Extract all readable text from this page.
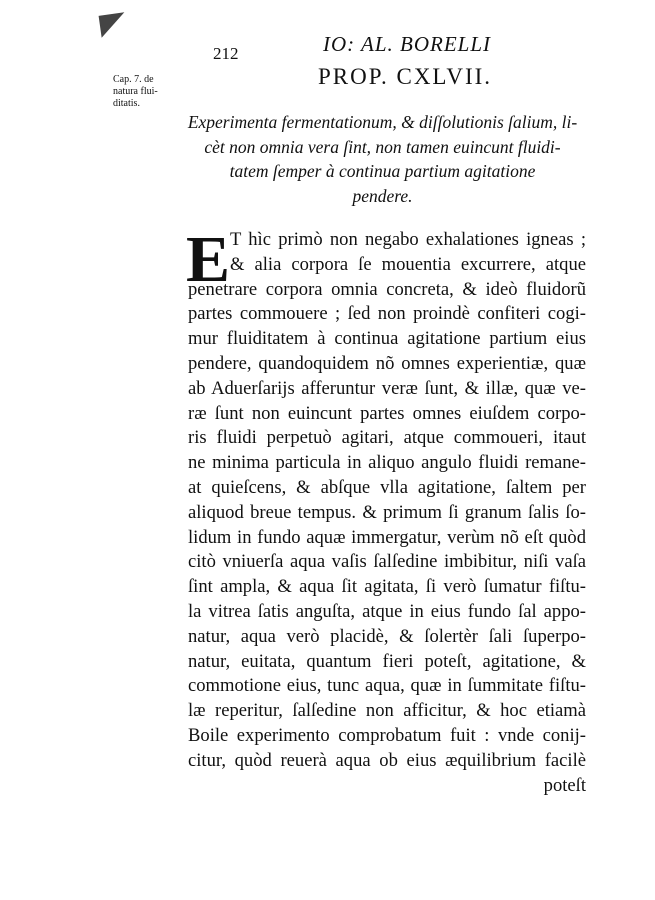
212	IO: AL. BORELLI
PROP. CXLVII.
Cap. 7. de
natura flui-
ditatis.
Experimenta fermentationum, & diſſolutionis ſalium, li-
cèt non omnia vera ſint, non tamen euincunt fluidi-
tatem ſemper à continua partium agitatione
pendere.
E T hìc primò non negabo exhalationes igneas ;
& alia corpora ſe mouentia excurrere, atque
penetrare corpora omnia concreta, & ideò fluidorũ
partes commouere ; ſed non proindè confiteri cogi-
mur fluiditatem à continua agitatione partium eius
pendere, quandoquidem nõ omnes experientiæ, quæ
ab Aduerſarijs afferuntur veræ ſunt, & illæ, quæ ve-
ræ ſunt non euincunt partes omnes eiuſdem corpo-
ris fluidi perpetuò agitari, atque commoueri, itaut
ne minima particula in aliquo angulo fluidi remane-
at quieſcens, & abſque vlla agitatione, ſaltem per
aliquod breue tempus. & primum ſi granum ſalis ſo-
lidum in fundo aquæ immergatur, verùm nõ eſt quòd
citò vniuerſa aqua vaſis ſalſedine imbibitur, niſi vaſa
ſint ampla, & aqua ſit agitata, ſi verò ſumatur fiſtu-
la vitrea ſatis anguſta, atque in eius fundo ſal appo-
natur, aqua verò placidè, & ſolertèr ſali ſuperpo-
natur, euitata, quantum fieri poteſt, agitatione, &
commotione eius, tunc aqua, quæ in ſummitate fiſtu-
læ reperitur, ſalſedine non afficitur, & hoc etiamà
Boile experimento comprobatum fuit : vnde conij-
citur, quòd reuerà aqua ob eius æquilibrium facilè
poteſt
